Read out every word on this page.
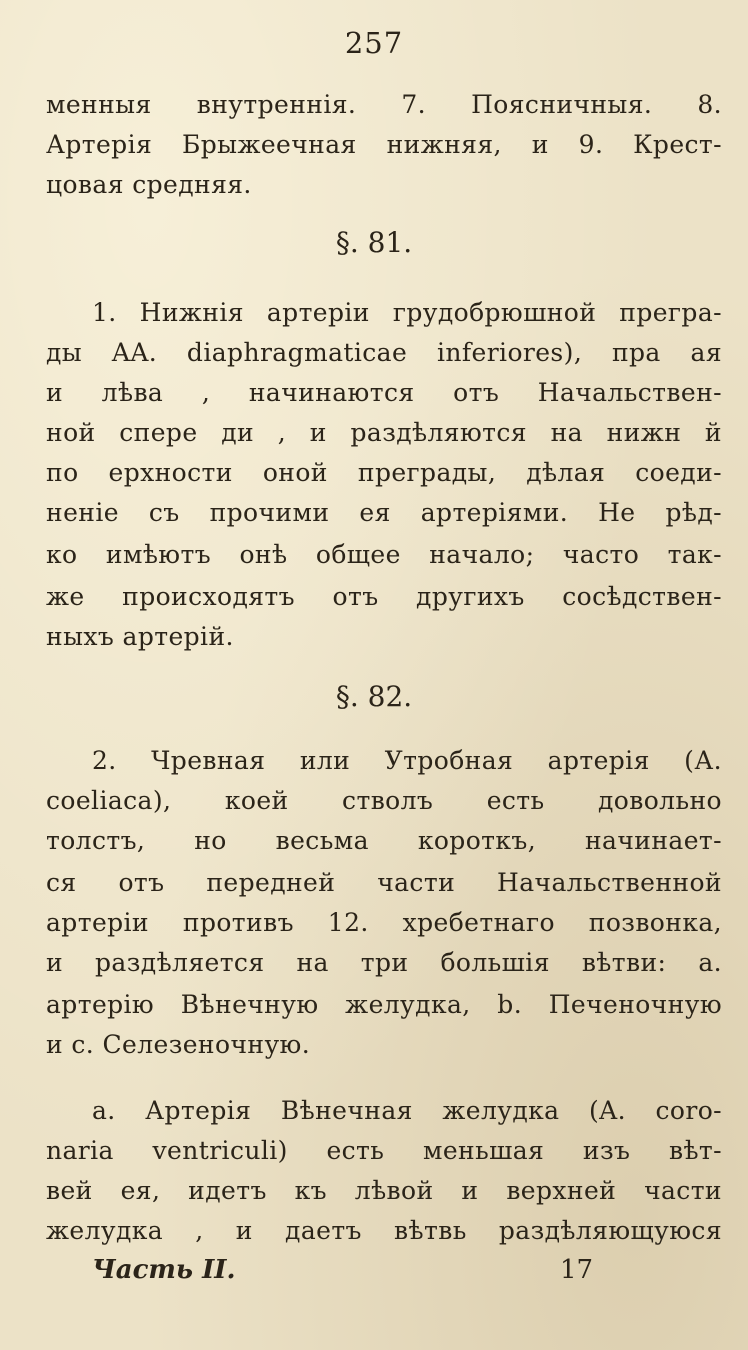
257
менныя внутреннія. 7. Поясничныя. 8.
Артерія Брыжеечная нижняя, и 9. Крест-
цовая средняя.
§. 81.
1. Нижнія артеріи грудобрюшной прегра-
ды AA. diaphragmaticae inferiores), пра ая
и лѣва , начинаются отъ Начальствен-
ной спере ди , и раздѣляются на нижн й
по ерхности оной преграды, дѣлая соеди-
неніе съ прочими ея артеріями. Не рѣд-
ко имѣютъ онѣ общее начало; часто так-
же происходятъ отъ другихъ сосѣдствен-
ныхъ артерій.
§. 82.
2. Чревная или Утробная артерія (А.
coeliaca), коей стволъ есть довольно
толстъ, но весьма короткъ, начинает-
ся отъ передней части Начальственной
артеріи противъ 12. хребетнаго позвонка,
и раздѣляется на три большія вѣтви: а.
артерію Вѣнечную желудка, b. Печеночную
и с. Селезеночную.
а. Артерія Вѣнечная желудка (A. coro-
naria ventriculi) есть меньшая изъ вѣт-
вей ея, идетъ къ лѣвой и верхней части
желудка , и даетъ вѣтвь раздѣляющуюся
Часть II.	17
